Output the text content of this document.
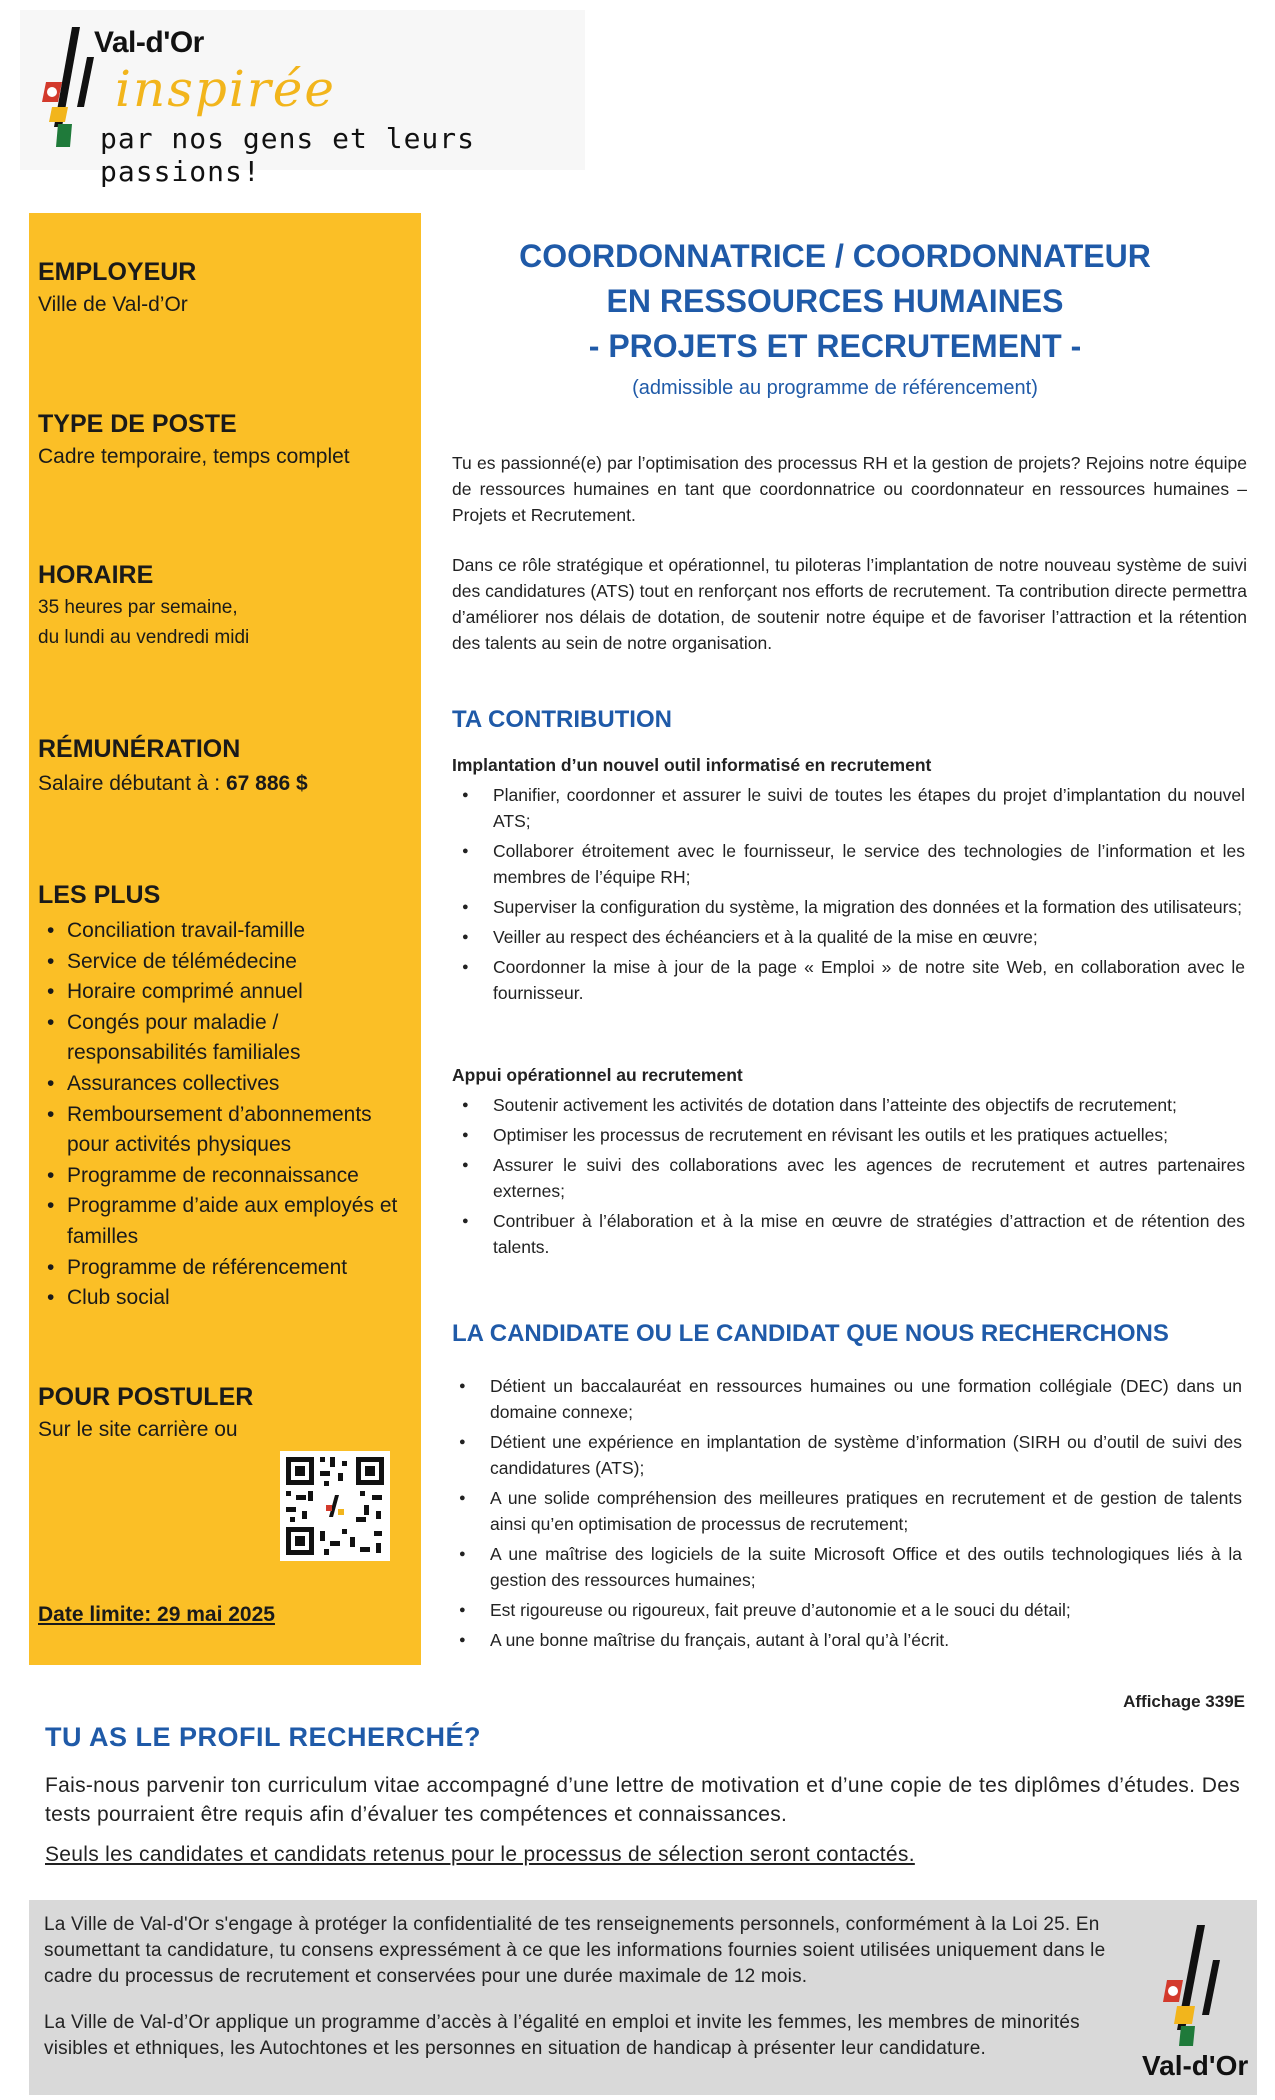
Val-d'Or
inspirée
par nos gens et leurs passions!
EMPLOYEUR
Ville de Val-d’Or
TYPE DE POSTE
Cadre temporaire, temps complet
HORAIRE
35 heures par semaine,
du lundi au vendredi midi
RÉMUNÉRATION
Salaire débutant à : 67 886 $
LES PLUS
• Conciliation travail-famille
• Service de télémédecine
• Horaire comprimé annuel
• Congés pour maladie / responsabilités familiales
• Assurances collectives
• Remboursement d’abonnements pour activités physiques
• Programme de reconnaissance
• Programme d’aide aux employés et familles
• Programme de référencement
• Club social
POUR POSTULER
Sur le site carrière ou
Date limite: 29 mai 2025
COORDONNATRICE / COORDONNATEUR
EN RESSOURCES HUMAINES
- PROJETS ET RECRUTEMENT -
(admissible au programme de référencement)
Tu es passionné(e) par l’optimisation des processus RH et la gestion de projets? Rejoins notre équipe de ressources humaines en tant que coordonnatrice ou coordonnateur en ressources humaines – Projets et Recrutement.
Dans ce rôle stratégique et opérationnel, tu piloteras l’implantation de notre nouveau système de suivi des candidatures (ATS) tout en renforçant nos efforts de recrutement. Ta contribution directe permettra d’améliorer nos délais de dotation, de soutenir notre équipe et de favoriser l’attraction et la rétention des talents au sein de notre organisation.
TA CONTRIBUTION
Implantation d’un nouvel outil informatisé en recrutement
● Planifier, coordonner et assurer le suivi de toutes les étapes du projet d’implantation du nouvel ATS;
● Collaborer étroitement avec le fournisseur, le service des technologies de l’information et les membres de l’équipe RH;
● Superviser la configuration du système, la migration des données et la formation des utilisateurs;
● Veiller au respect des échéanciers et à la qualité de la mise en œuvre;
● Coordonner la mise à jour de la page « Emploi » de notre site Web, en collaboration avec le fournisseur.
Appui opérationnel au recrutement
● Soutenir activement les activités de dotation dans l’atteinte des objectifs de recrutement;
● Optimiser les processus de recrutement en révisant les outils et les pratiques actuelles;
● Assurer le suivi des collaborations avec les agences de recrutement et autres partenaires externes;
● Contribuer à l’élaboration et à la mise en œuvre de stratégies d’attraction et de rétention des talents.
LA CANDIDATE OU LE CANDIDAT QUE NOUS RECHERCHONS
● Détient un baccalauréat en ressources humaines ou une formation collégiale (DEC) dans un domaine connexe;
● Détient une expérience en implantation de système d’information (SIRH ou d’outil de suivi des candidatures (ATS);
● A une solide compréhension des meilleures pratiques en recrutement et de gestion de talents ainsi qu’en optimisation de processus de recrutement;
● A une maîtrise des logiciels de la suite Microsoft Office et des outils technologiques liés à la gestion des ressources humaines;
● Est rigoureuse ou rigoureux, fait preuve d’autonomie et a le souci du détail;
● A une bonne maîtrise du français, autant à l’oral qu’à l’écrit.
Affichage 339E
TU AS LE PROFIL RECHERCHÉ?
Fais-nous parvenir ton curriculum vitae accompagné d’une lettre de motivation et d’une copie de tes diplômes d’études. Des tests pourraient être requis afin d’évaluer tes compétences et connaissances.
Seuls les candidates et candidats retenus pour le processus de sélection seront contactés.
La Ville de Val-d'Or s'engage à protéger la confidentialité de tes renseignements personnels, conformément à la Loi 25. En soumettant ta candidature, tu consens expressément à ce que les informations fournies soient utilisées uniquement dans le cadre du processus de recrutement et conservées pour une durée maximale de 12 mois.
La Ville de Val-d’Or applique un programme d’accès à l’égalité en emploi et invite les femmes, les membres de minorités visibles et ethniques, les Autochtones et les personnes en situation de handicap à présenter leur candidature.
Val-d'Or
